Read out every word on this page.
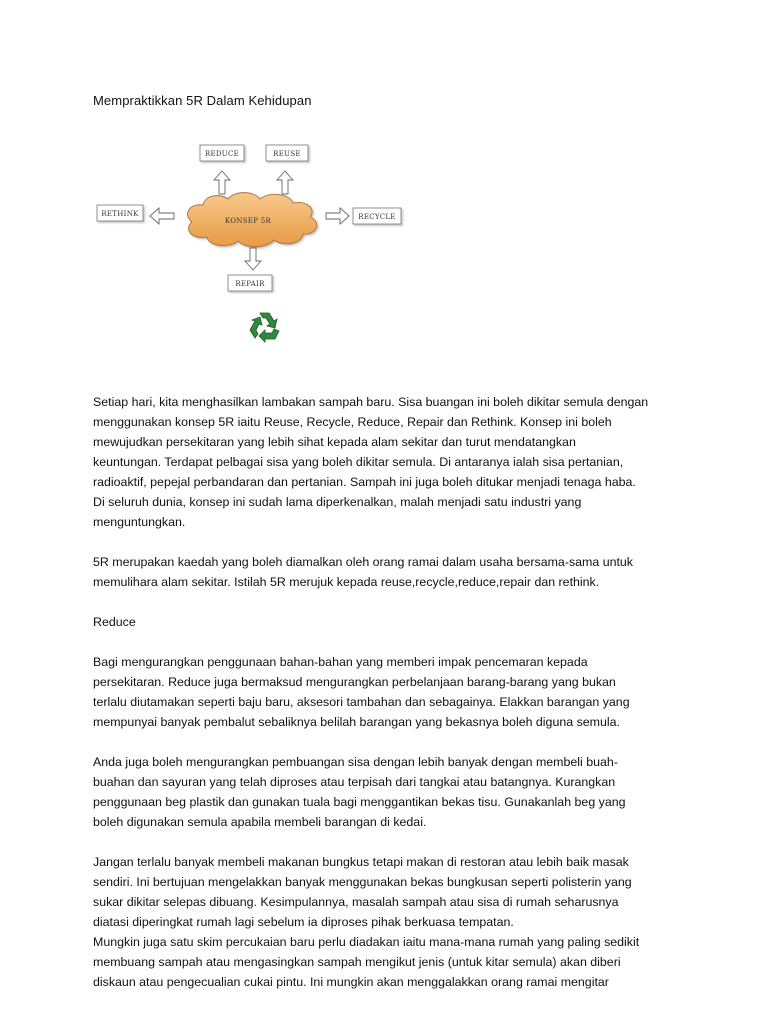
Mempraktikkan 5R Dalam Kehidupan
REDUCE	REUSE
RETHINK
KONSEP 5R	RECYCLE
REPAIR

Setiap hari, kita menghasilkan lambakan sampah baru. Sisa buangan ini boleh dikitar semula dengan
menggunakan konsep 5R iaitu Reuse, Recycle, Reduce, Repair dan Rethink. Konsep ini boleh
mewujudkan persekitaran yang lebih sihat kepada alam sekitar dan turut mendatangkan
keuntungan. Terdapat pelbagai sisa yang boleh dikitar semula. Di antaranya ialah sisa pertanian,
radioaktif, pepejal perbandaran dan pertanian. Sampah ini juga boleh ditukar menjadi tenaga haba.
Di seluruh dunia, konsep ini sudah lama diperkenalkan, malah menjadi satu industri yang
menguntungkan.

5R merupakan kaedah yang boleh diamalkan oleh orang ramai dalam usaha bersama-sama untuk
memulihara alam sekitar. Istilah 5R merujuk kepada reuse,recycle,reduce,repair dan rethink.

Reduce

Bagi mengurangkan penggunaan bahan-bahan yang memberi impak pencemaran kepada
persekitaran. Reduce juga bermaksud mengurangkan perbelanjaan barang-barang yang bukan
terlalu diutamakan seperti baju baru, aksesori tambahan dan sebagainya. Elakkan barangan yang
mempunyai banyak pembalut sebaliknya belilah barangan yang bekasnya boleh diguna semula.

Anda juga boleh mengurangkan pembuangan sisa dengan lebih banyak dengan membeli buah-
buahan dan sayuran yang telah diproses atau terpisah dari tangkai atau batangnya. Kurangkan
penggunaan beg plastik dan gunakan tuala bagi menggantikan bekas tisu. Gunakanlah beg yang
boleh digunakan semula apabila membeli barangan di kedai.

Jangan terlalu banyak membeli makanan bungkus tetapi makan di restoran atau lebih baik masak
sendiri. Ini bertujuan mengelakkan banyak menggunakan bekas bungkusan seperti polisterin yang
sukar dikitar selepas dibuang. Kesimpulannya, masalah sampah atau sisa di rumah seharusnya
diatasi diperingkat rumah lagi sebelum ia diproses pihak berkuasa tempatan.

Mungkin juga satu skim percukaian baru perlu diadakan iaitu mana-mana rumah yang paling sedikit
membuang sampah atau mengasingkan sampah mengikut jenis (untuk kitar semula) akan diberi
diskaun atau pengecualian cukai pintu. Ini mungkin akan menggalakkan orang ramai mengitar
